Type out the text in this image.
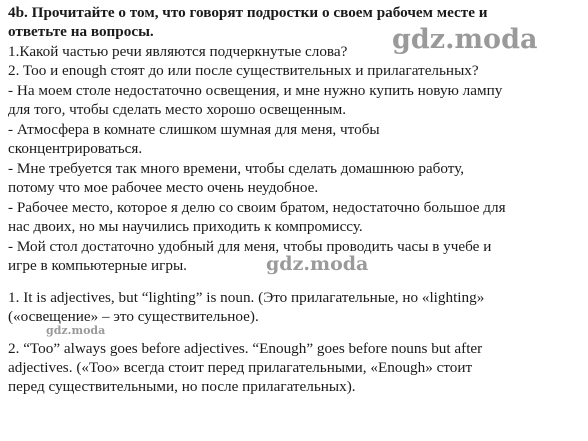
4b. Прочитайте о том, что говорят подростки о своем рабочем месте и
ответьте на вопросы.
1.Какой частью речи являются подчеркнутые слова?
2. Too и enough стоят до или после существительных и прилагательных?
- На моем столе недостаточно освещения, и мне нужно купить новую лампу
для того, чтобы сделать место хорошо освещенным.
- Атмосфера в комнате слишком шумная для меня, чтобы
сконцентрироваться.
- Мне требуется так много времени, чтобы сделать домашнюю работу,
потому что мое рабочее место очень неудобное.
- Рабочее место, которое я делю со своим братом, недостаточно большое для
нас двоих, но мы научились приходить к компромиссу.
- Мой стол достаточно удобный для меня, чтобы проводить часы в учебе и
игре в компьютерные игры.
1. It is adjectives, but “lighting” is noun. (Это прилагательные, но «lighting»
(«освещение» – это существительное).
2. “Too” always goes before adjectives. “Enough” goes before nouns but after
adjectives. («Too» всегда стоит перед прилагательными, «Enough» стоит
перед существительными, но после прилагательных).
gdz.moda
gdz.moda
gdz.moda
